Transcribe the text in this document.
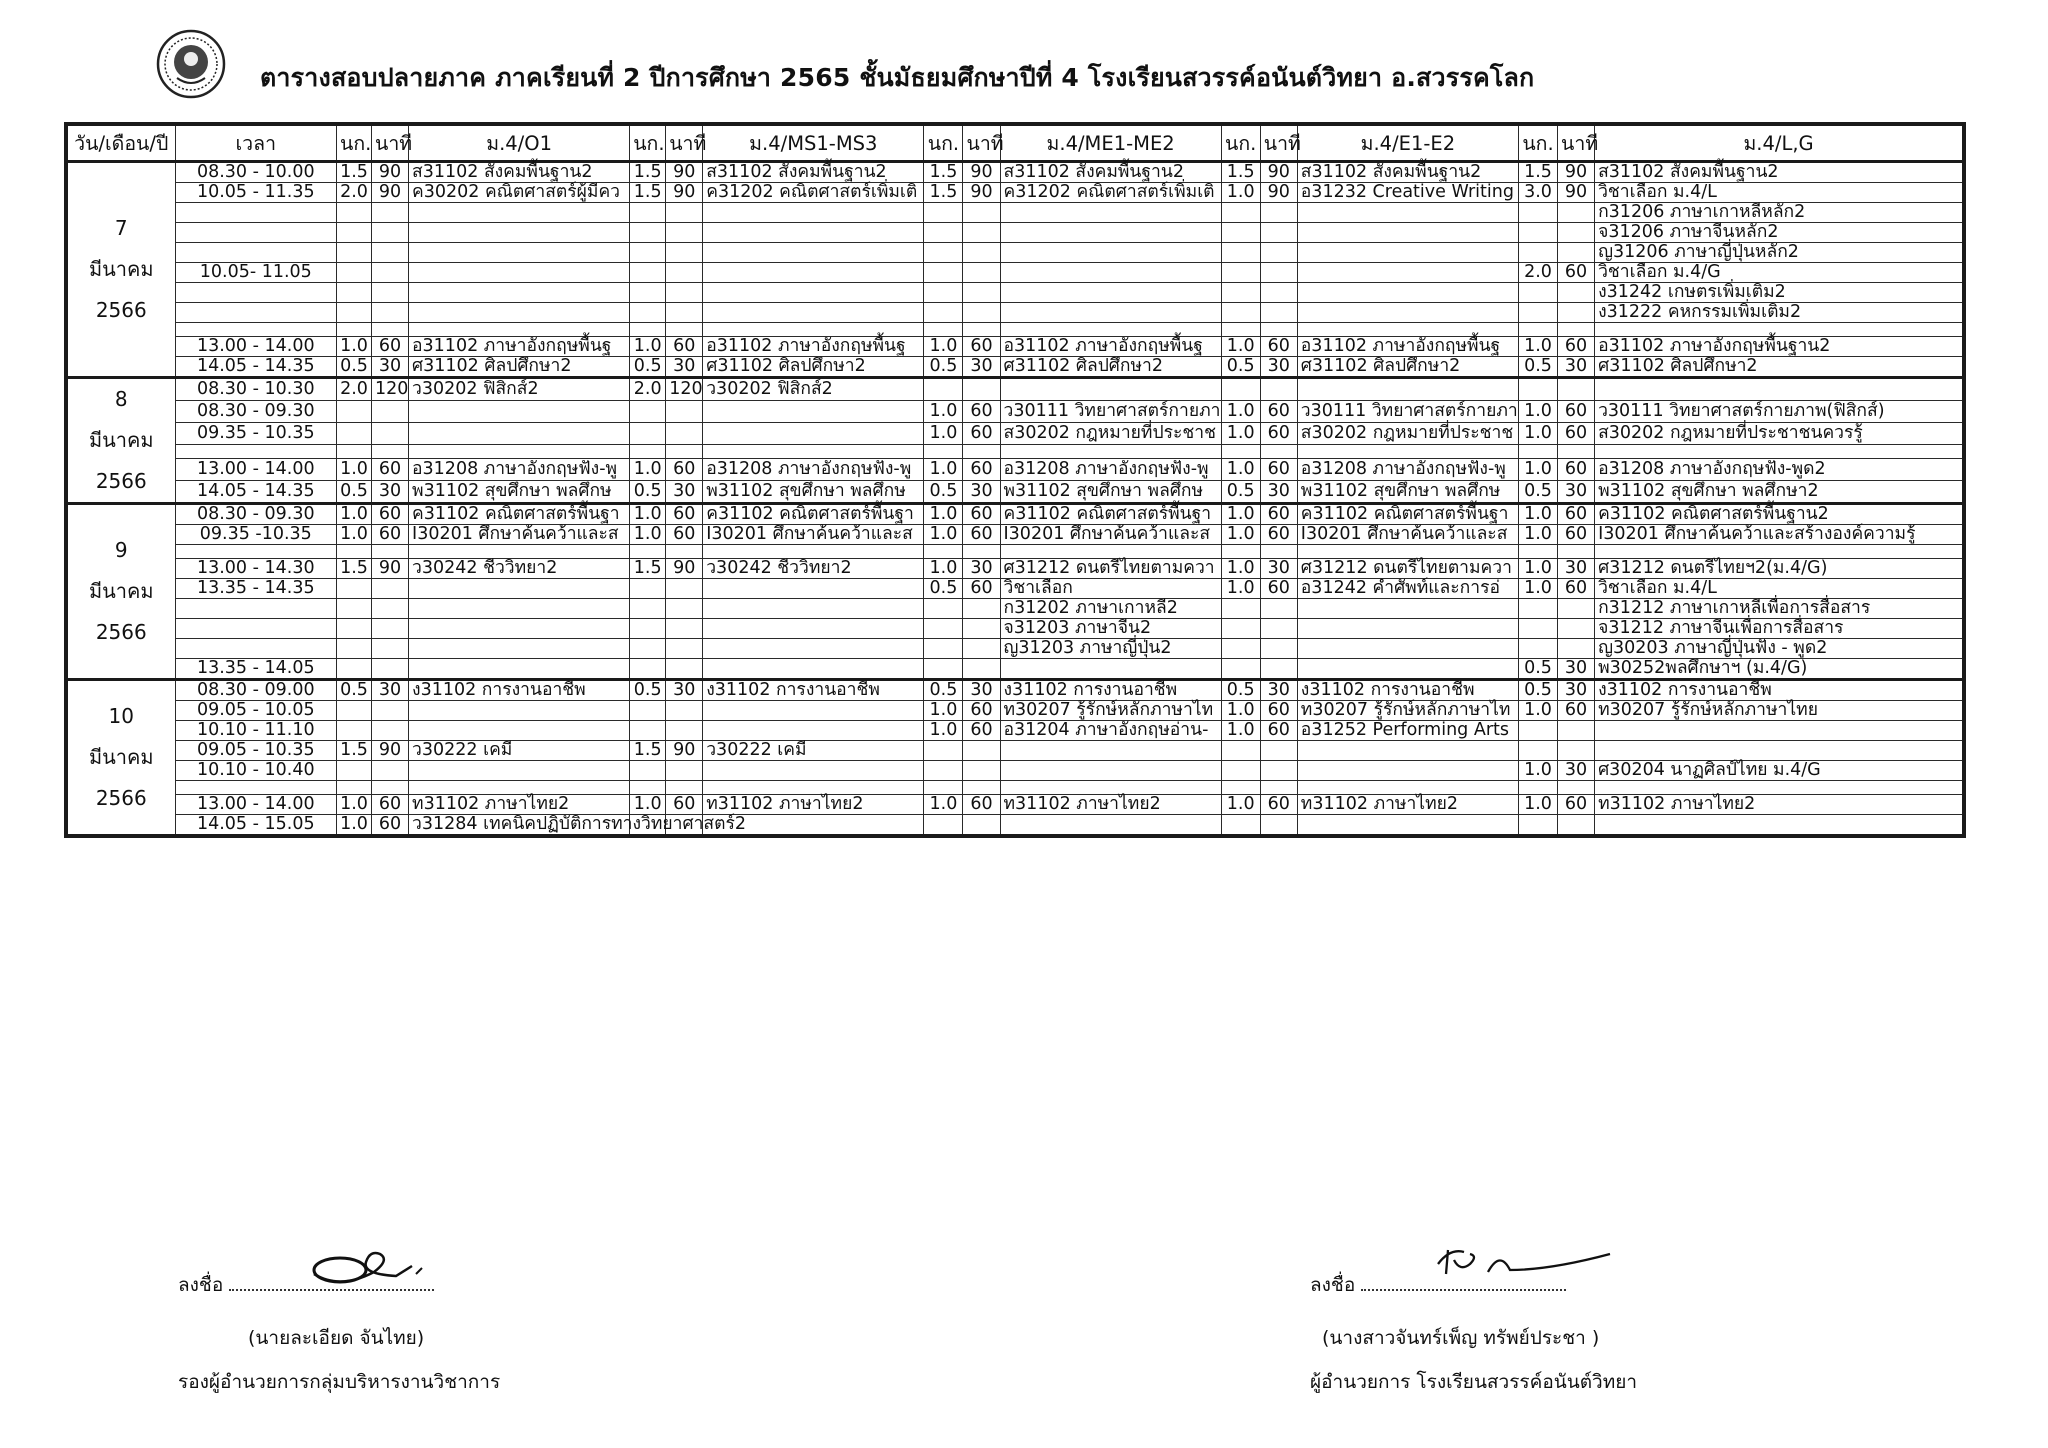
ตารางสอบปลายภาค ภาคเรียนที่ 2 ปีการศึกษา 2565 ชั้นมัธยมศึกษาปีที่ 4 โรงเรียนสวรรค์อนันต์วิทยา อ.สวรรคโลก
วัน/เดือน/ปี	เวลา	นก.	นาที	ม.4/O1	นก.	นาที	ม.4/MS1-MS3	นก.	นาที	ม.4/ME1-ME2	นก.	นาที	ม.4/E1-E2	นก.	นาที	ม.4/L,G

7
มีนาคม
2566	08.30 - 10.00	1.5	90	ส31102 สังคมพื้นฐาน2	1.5	90	ส31102 สังคมพื้นฐาน2	1.5	90	ส31102 สังคมพื้นฐาน2	1.5	90	ส31102 สังคมพื้นฐาน2	1.5	90	ส31102 สังคมพื้นฐาน2
	10.05 - 11.35	2.0	90	ค30202 คณิตศาสตร์ผู้มีคว	1.5	90	ค31202 คณิตศาสตร์เพิ่มเติ	1.5	90	ค31202 คณิตศาสตร์เพิ่มเติ	1.0	90	อ31232 Creative Writing	3.0	90	วิชาเลือก ม.4/L
																ก31206 ภาษาเกาหลีหลัก2
																จ31206 ภาษาจีนหลัก2
																ญ31206 ภาษาญี่ปุ่นหลัก2
	10.05- 11.05													2.0	60	วิชาเลือก ม.4/G
																ง31242 เกษตรเพิ่มเติม2
																ง31222 คหกรรมเพิ่มเติม2

	13.00 - 14.00	1.0	60	อ31102 ภาษาอังกฤษพื้นฐ	1.0	60	อ31102 ภาษาอังกฤษพื้นฐ	1.0	60	อ31102 ภาษาอังกฤษพื้นฐ	1.0	60	อ31102 ภาษาอังกฤษพื้นฐ	1.0	60	อ31102 ภาษาอังกฤษพื้นฐาน2
	14.05 - 14.35	0.5	30	ศ31102 ศิลปศึกษา2	0.5	30	ศ31102 ศิลปศึกษา2	0.5	30	ศ31102 ศิลปศึกษา2	0.5	30	ศ31102 ศิลปศึกษา2	0.5	30	ศ31102 ศิลปศึกษา2

8
มีนาคม
2566	08.30 - 10.30	2.0	120	ว30202 ฟิสิกส์2	2.0	120	ว30202 ฟิสิกส์2									
	08.30 - 09.30							1.0	60	ว30111 วิทยาศาสตร์กายภา	1.0	60	ว30111 วิทยาศาสตร์กายภา	1.0	60	ว30111 วิทยาศาสตร์กายภาพ(ฟิสิกส์)
	09.35 - 10.35							1.0	60	ส30202 กฎหมายที่ประชาช	1.0	60	ส30202 กฎหมายที่ประชาช	1.0	60	ส30202 กฎหมายที่ประชาชนควรรู้

	13.00 - 14.00	1.0	60	อ31208 ภาษาอังกฤษฟัง-พู	1.0	60	อ31208 ภาษาอังกฤษฟัง-พู	1.0	60	อ31208 ภาษาอังกฤษฟัง-พู	1.0	60	อ31208 ภาษาอังกฤษฟัง-พู	1.0	60	อ31208 ภาษาอังกฤษฟัง-พูด2
	14.05 - 14.35	0.5	30	พ31102 สุขศึกษา พลศึกษ	0.5	30	พ31102 สุขศึกษา พลศึกษ	0.5	30	พ31102 สุขศึกษา พลศึกษ	0.5	30	พ31102 สุขศึกษา พลศึกษ	0.5	30	พ31102 สุขศึกษา พลศึกษา2

9
มีนาคม
2566	08.30 - 09.30	1.0	60	ค31102 คณิตศาสตร์พื้นฐา	1.0	60	ค31102 คณิตศาสตร์พื้นฐา	1.0	60	ค31102 คณิตศาสตร์พื้นฐา	1.0	60	ค31102 คณิตศาสตร์พื้นฐา	1.0	60	ค31102 คณิตศาสตร์พื้นฐาน2
	09.35 -10.35	1.0	60	I30201 ศึกษาค้นคว้าและส	1.0	60	I30201 ศึกษาค้นคว้าและส	1.0	60	I30201 ศึกษาค้นคว้าและส	1.0	60	I30201 ศึกษาค้นคว้าและส	1.0	60	I30201 ศึกษาค้นคว้าและสร้างองค์ความรู้

	13.00 - 14.30	1.5	90	ว30242 ชีววิทยา2	1.5	90	ว30242 ชีววิทยา2	1.0	30	ศ31212 ดนตรีไทยตามควา	1.0	30	ศ31212 ดนตรีไทยตามควา	1.0	30	ศ31212 ดนตรีไทยฯ2(ม.4/G)
	13.35 - 14.35							0.5	60	วิชาเลือก	1.0	60	อ31242 คำศัพท์และการอ่	1.0	60	วิชาเลือก ม.4/L
										ก31202 ภาษาเกาหลี2						ก31212 ภาษาเกาหลีเพื่อการสื่อสาร
										จ31203 ภาษาจีน2						จ31212 ภาษาจีนเพื่อการสื่อสาร
										ญ31203 ภาษาญี่ปุ่น2						ญ30203 ภาษาญี่ปุ่นฟัง - พูด2
	13.35 - 14.05													0.5	30	พ30252พลศึกษาฯ (ม.4/G)

10
มีนาคม
2566	08.30 - 09.00	0.5	30	ง31102 การงานอาชีพ	0.5	30	ง31102 การงานอาชีพ	0.5	30	ง31102 การงานอาชีพ	0.5	30	ง31102 การงานอาชีพ	0.5	30	ง31102 การงานอาชีพ
	09.05 - 10.05							1.0	60	ท30207 รู้รักษ์หลักภาษาไท	1.0	60	ท30207 รู้รักษ์หลักภาษาไท	1.0	60	ท30207 รู้รักษ์หลักภาษาไทย
	10.10 - 11.10							1.0	60	อ31204 ภาษาอังกฤษอ่าน-	1.0	60	อ31252 Performing Arts			
	09.05 - 10.35	1.5	90	ว30222 เคมี	1.5	90	ว30222 เคมี									
	10.10 - 10.40													1.0	30	ศ30204 นาฏศิลป์ไทย ม.4/G

	13.00 - 14.00	1.0	60	ท31102 ภาษาไทย2	1.0	60	ท31102 ภาษาไทย2	1.0	60	ท31102 ภาษาไทย2	1.0	60	ท31102 ภาษาไทย2	1.0	60	ท31102 ภาษาไทย2
	14.05 - 15.05	1.0	60	ว31284 เทคนิคปฏิบัติการทางวิทยาศาสตร์2												
ลงชื่อ
(นายละเอียด จันไทย)
รองผู้อำนวยการกลุ่มบริหารงานวิชาการ
ลงชื่อ
(นางสาวจันทร์เพ็ญ ทรัพย์ประชา )
ผู้อำนวยการ โรงเรียนสวรรค์อนันต์วิทยา
